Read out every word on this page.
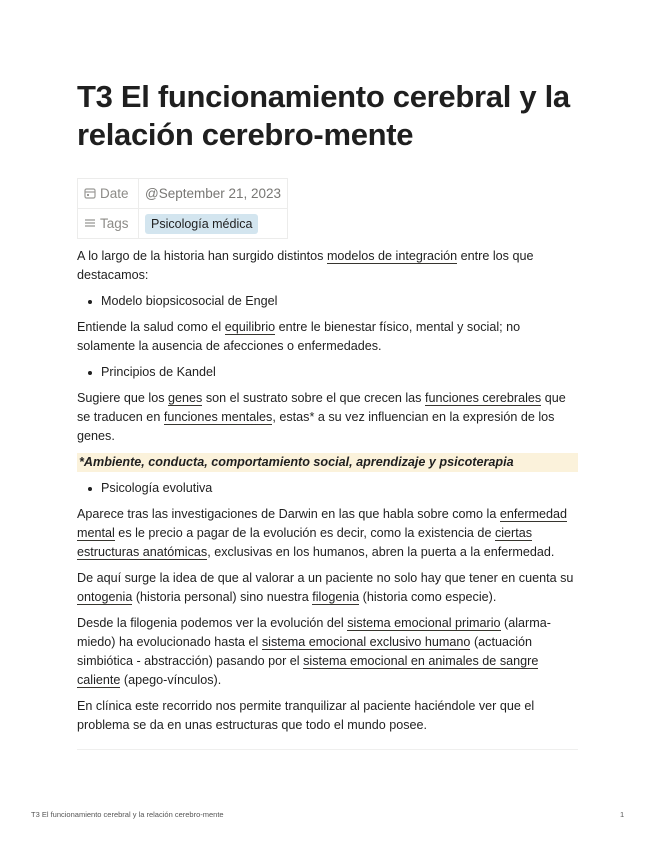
T3 El funcionamiento cerebral y la relación cerebro-mente
Date	@September 21, 2023
Tags	Psicología médica

A lo largo de la historia han surgido distintos modelos de integración entre los que destacamos:

Modelo biopsicosocial de Engel

Entiende la salud como el equilibrio entre le bienestar físico, mental y social; no solamente la ausencia de afecciones o enfermedades.

Principios de Kandel

Sugiere que los genes son el sustrato sobre el que crecen las funciones cerebrales que se traducen en funciones mentales, estas* a su vez influencian en la expresión de los genes.

*Ambiente, conducta, comportamiento social, aprendizaje y psicoterapia
Psicología evolutiva

Aparece tras las investigaciones de Darwin en las que habla sobre como la enfermedad mental es le precio a pagar de la evolución es decir, como la existencia de ciertas estructuras anatómicas, exclusivas en los humanos, abren la puerta a la enfermedad.

De aquí surge la idea de que al valorar a un paciente no solo hay que tener en cuenta su ontogenia (historia personal) sino nuestra filogenia (historia como especie).

Desde la filogenia podemos ver la evolución del sistema emocional primario (alarma-miedo) ha evolucionado hasta el sistema emocional exclusivo humano (actuación simbiótica - abstracción) pasando por el sistema emocional en animales de sangre caliente (apego-vínculos).

En clínica este recorrido nos permite tranquilizar al paciente haciéndole ver que el problema se da en unas estructuras que todo el mundo posee.

T3 El funcionamiento cerebral y la relación cerebro-mente	1
